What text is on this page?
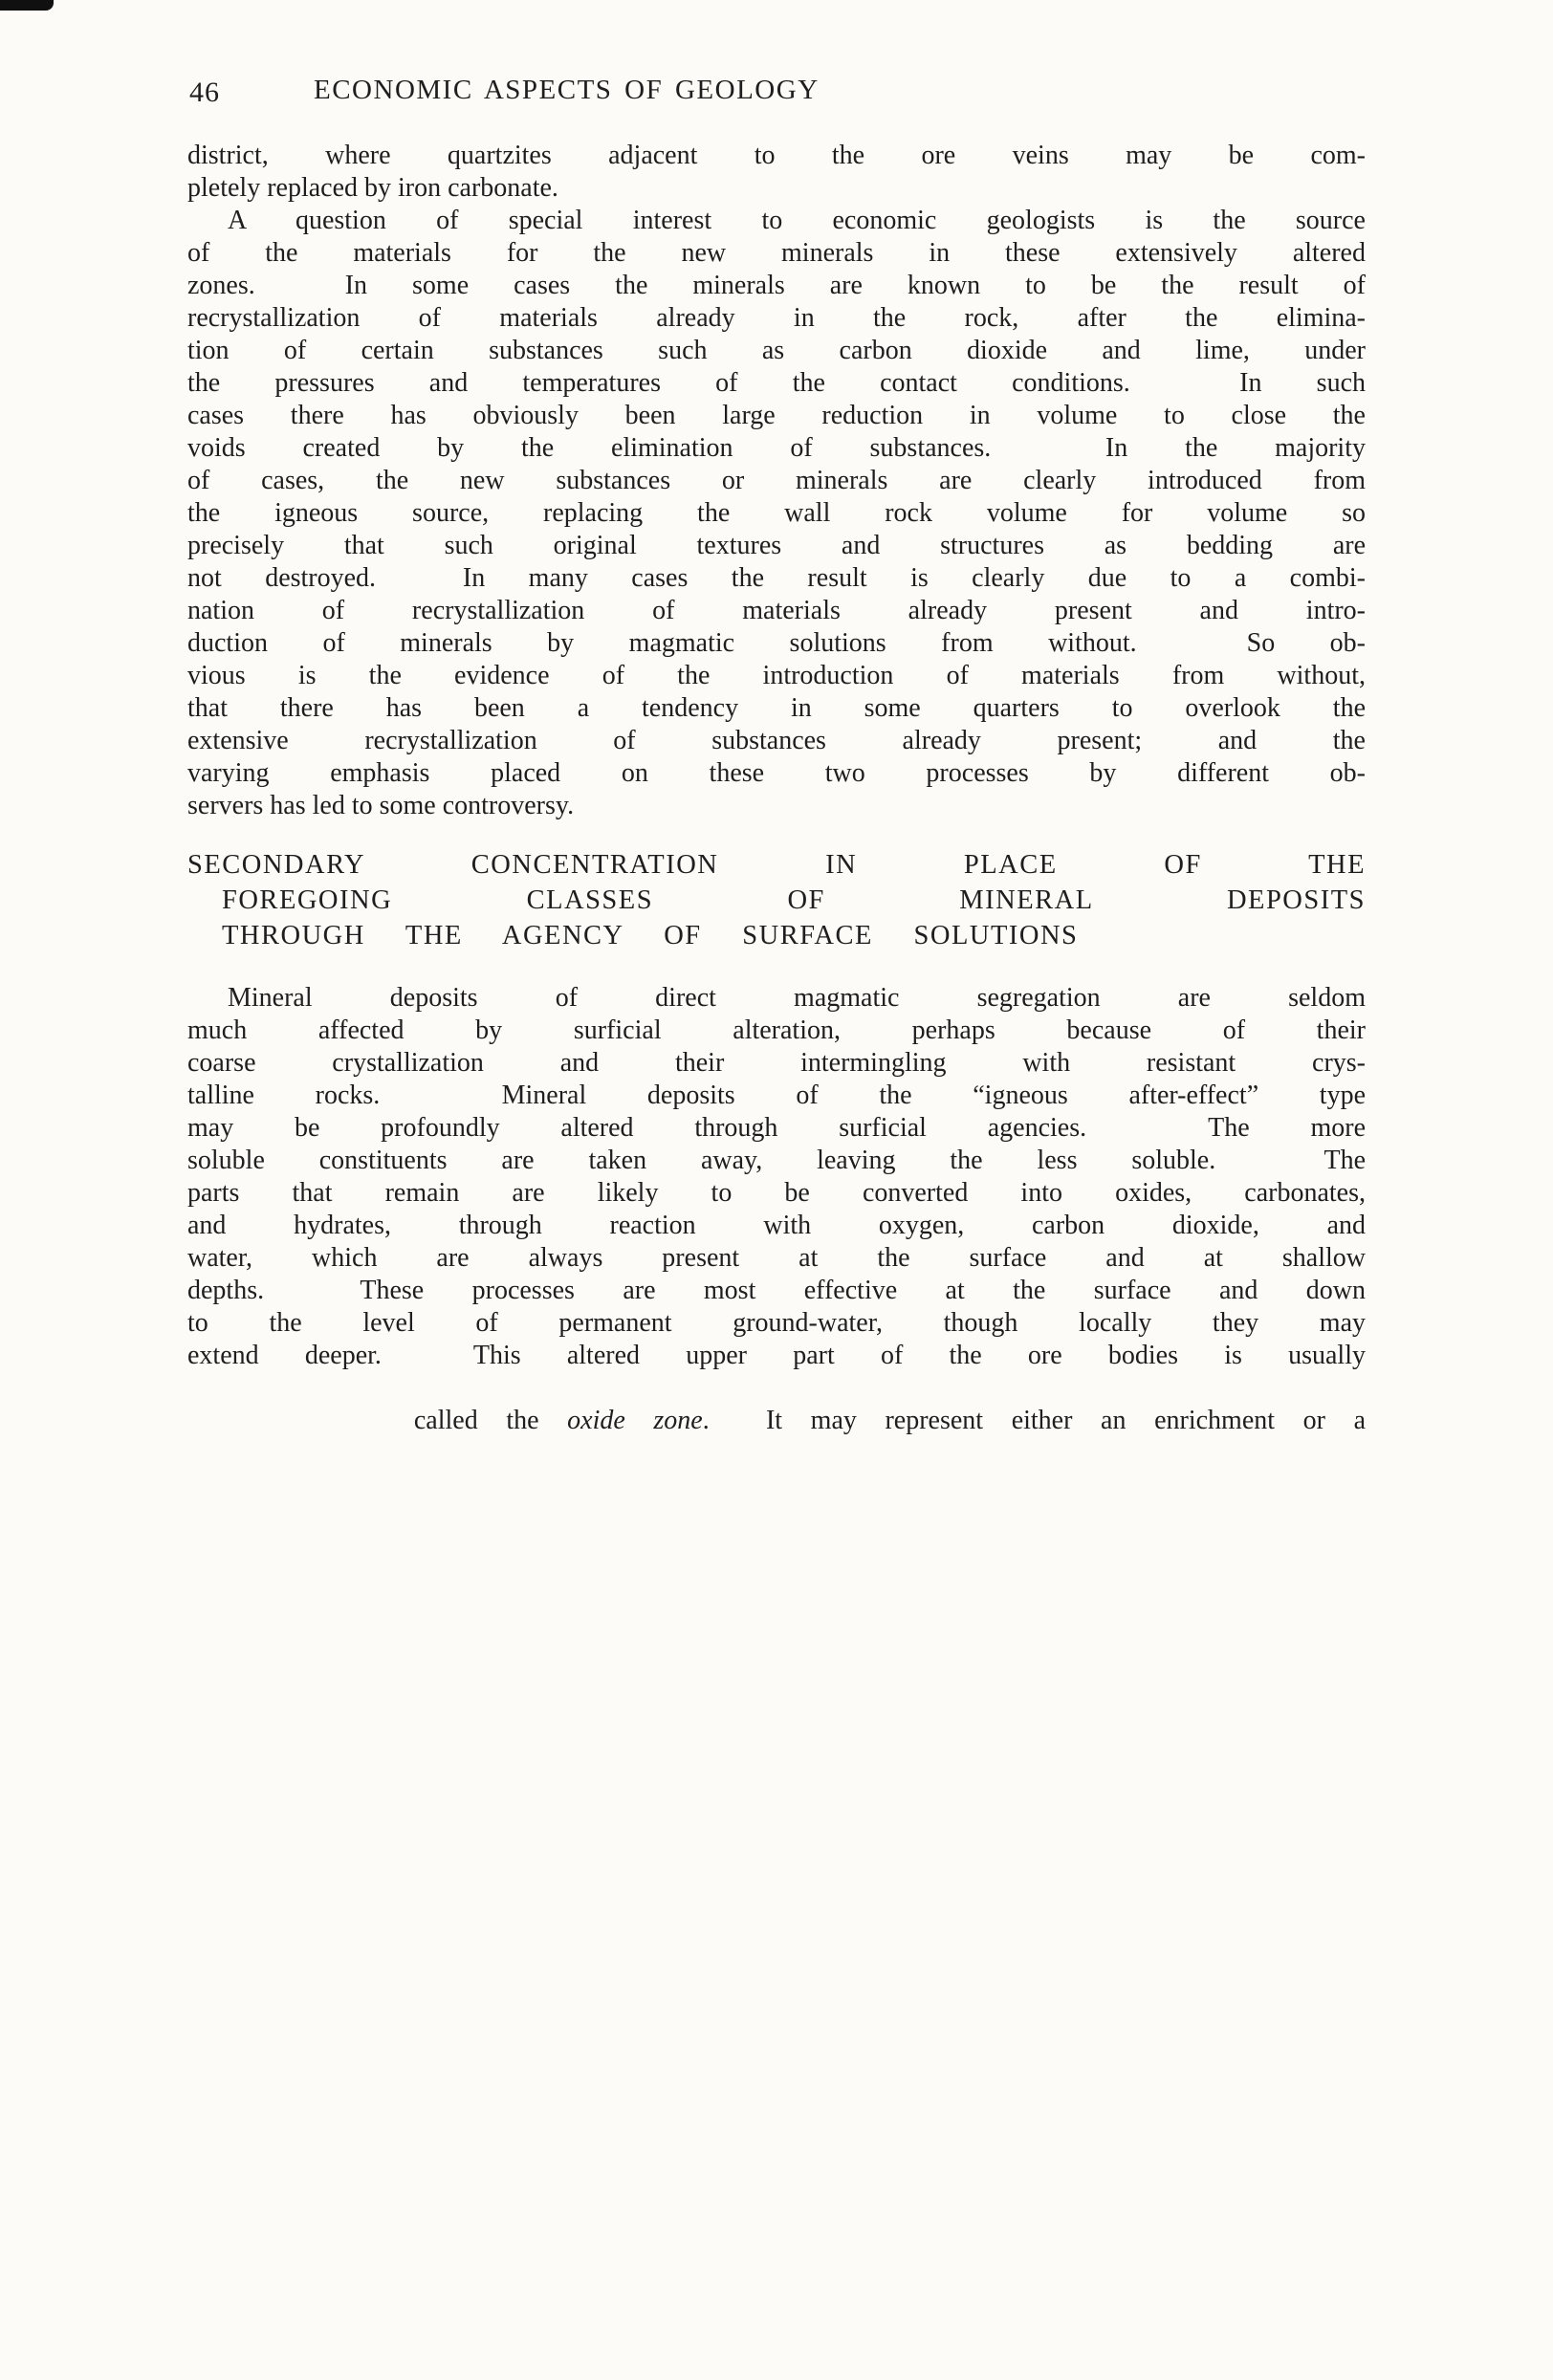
46	ECONOMIC ASPECTS OF GEOLOGY
district, where quartzites adjacent to the ore veins may be com-
pletely replaced by iron carbonate.
A question of special interest to economic geologists is the source
of the materials for the new minerals in these extensively altered
zones.  In some cases the minerals are known to be the result of
recrystallization of materials already in the rock, after the elimina-
tion of certain substances such as carbon dioxide and lime, under
the pressures and temperatures of the contact conditions.  In such
cases there has obviously been large reduction in volume to close the
voids created by the elimination of substances.  In the majority
of cases, the new substances or minerals are clearly introduced from
the igneous source, replacing the wall rock volume for volume so
precisely that such original textures and structures as bedding are
not destroyed.  In many cases the result is clearly due to a combi-
nation of recrystallization of materials already present and intro-
duction of minerals by magmatic solutions from without.  So ob-
vious is the evidence of the introduction of materials from without,
that there has been a tendency in some quarters to overlook the
extensive recrystallization of substances already present; and the
varying emphasis placed on these two processes by different ob-
servers has led to some controversy.
SECONDARY CONCENTRATION IN PLACE OF THE
FOREGOING CLASSES OF MINERAL DEPOSITS
THROUGH THE AGENCY OF SURFACE SOLUTIONS
Mineral deposits of direct magmatic segregation are seldom
much affected by surficial alteration, perhaps because of their
coarse crystallization and their intermingling with resistant crys-
talline rocks.  Mineral deposits of the “igneous after-effect” type
may be profoundly altered through surficial agencies.  The more
soluble constituents are taken away, leaving the less soluble.  The
parts that remain are likely to be converted into oxides, carbonates,
and hydrates, through reaction with oxygen, carbon dioxide, and
water, which are always present at the surface and at shallow
depths.  These processes are most effective at the surface and down
to the level of permanent ground-water, though locally they may
extend deeper.  This altered upper part of the ore bodies is usually

called the oxide zone.  It may represent either an enrichment or a
